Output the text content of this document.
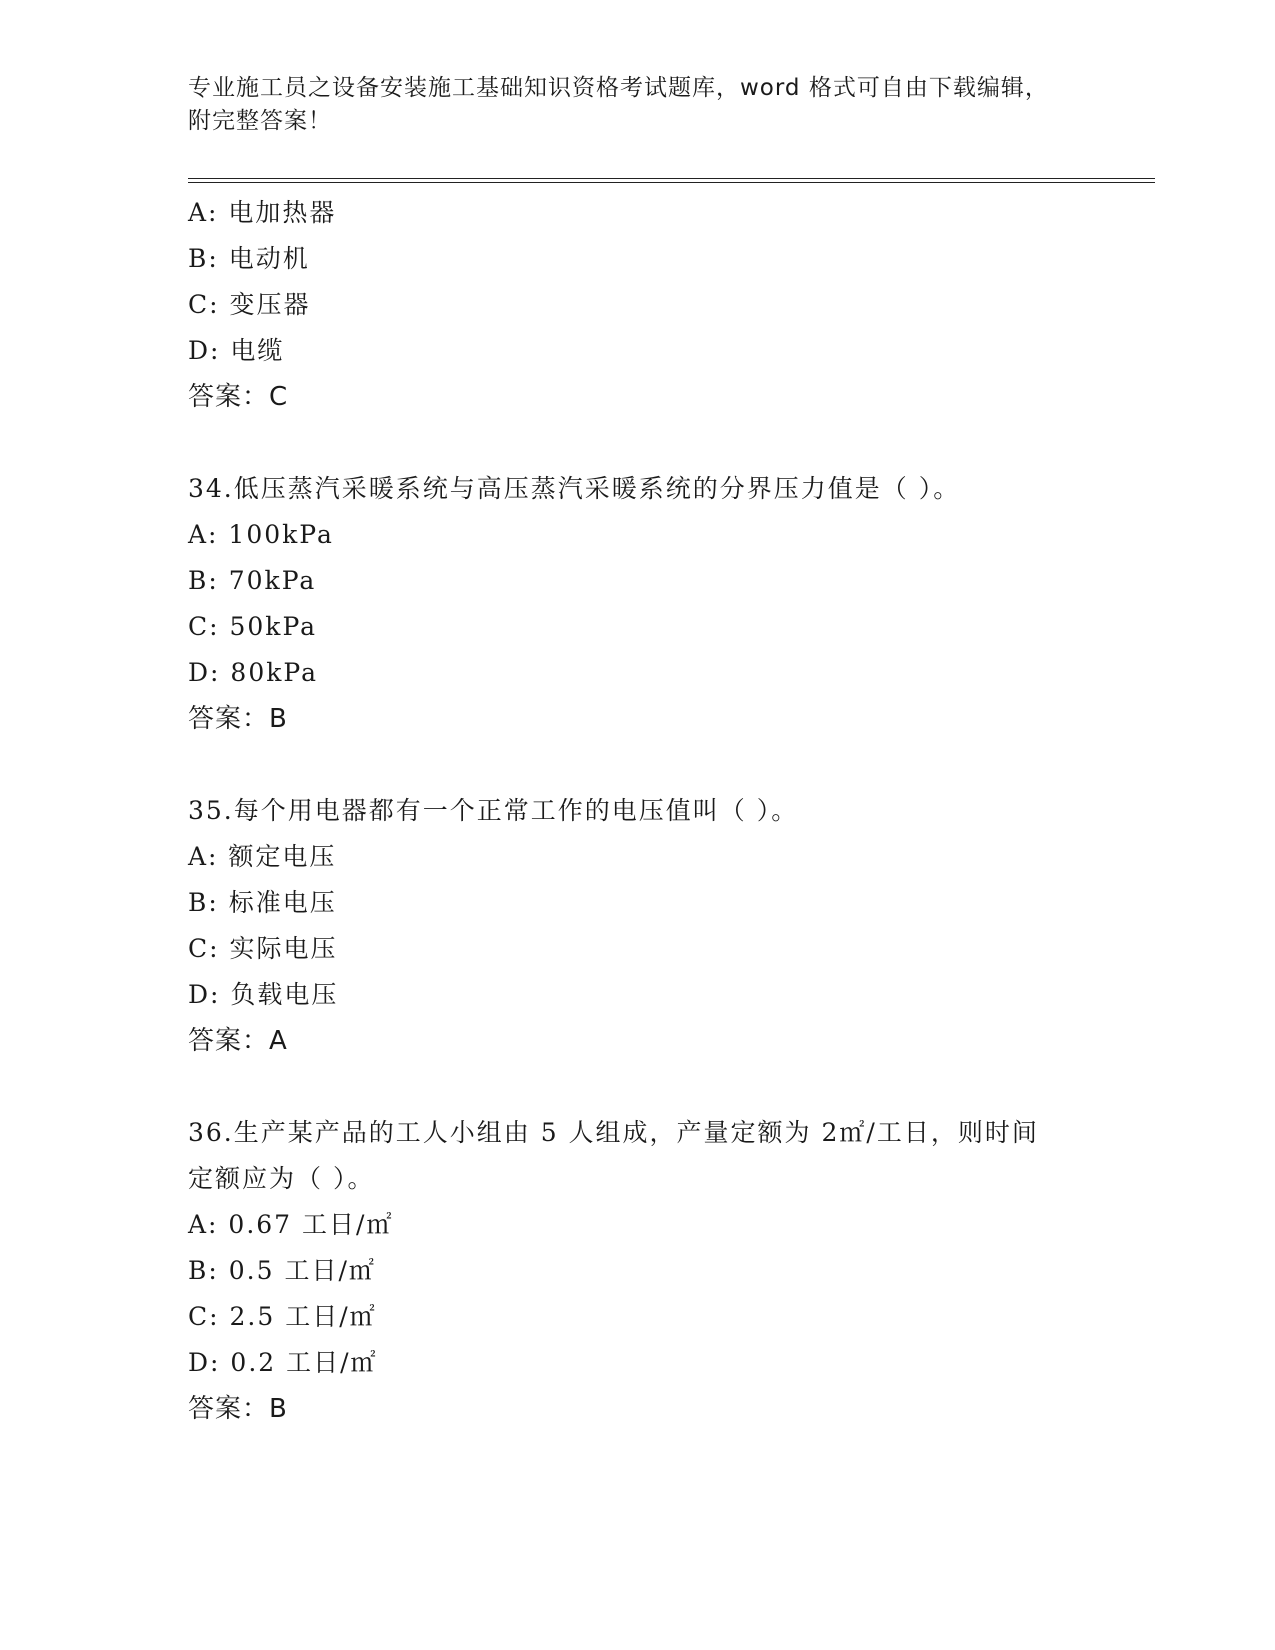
专业施工员之设备安装施工基础知识资格考试题库，word 格式可自由下载编辑，
附完整答案！
A: 电加热器
B: 电动机
C: 变压器
D: 电缆
答案：C
34.低压蒸汽采暖系统与高压蒸汽采暖系统的分界压力值是（ ）。
A: 100kPa
B: 70kPa
C: 50kPa
D: 80kPa
答案：B
35.每个用电器都有一个正常工作的电压值叫（ ）。
A: 额定电压
B: 标准电压
C: 实际电压
D: 负载电压
答案：A
36.生产某产品的工人小组由 5 人组成，产量定额为 2㎡/工日，则时间
定额应为（ ）。
A: 0.67 工日/㎡
B: 0.5 工日/㎡
C: 2.5 工日/㎡
D: 0.2 工日/㎡
答案：B
